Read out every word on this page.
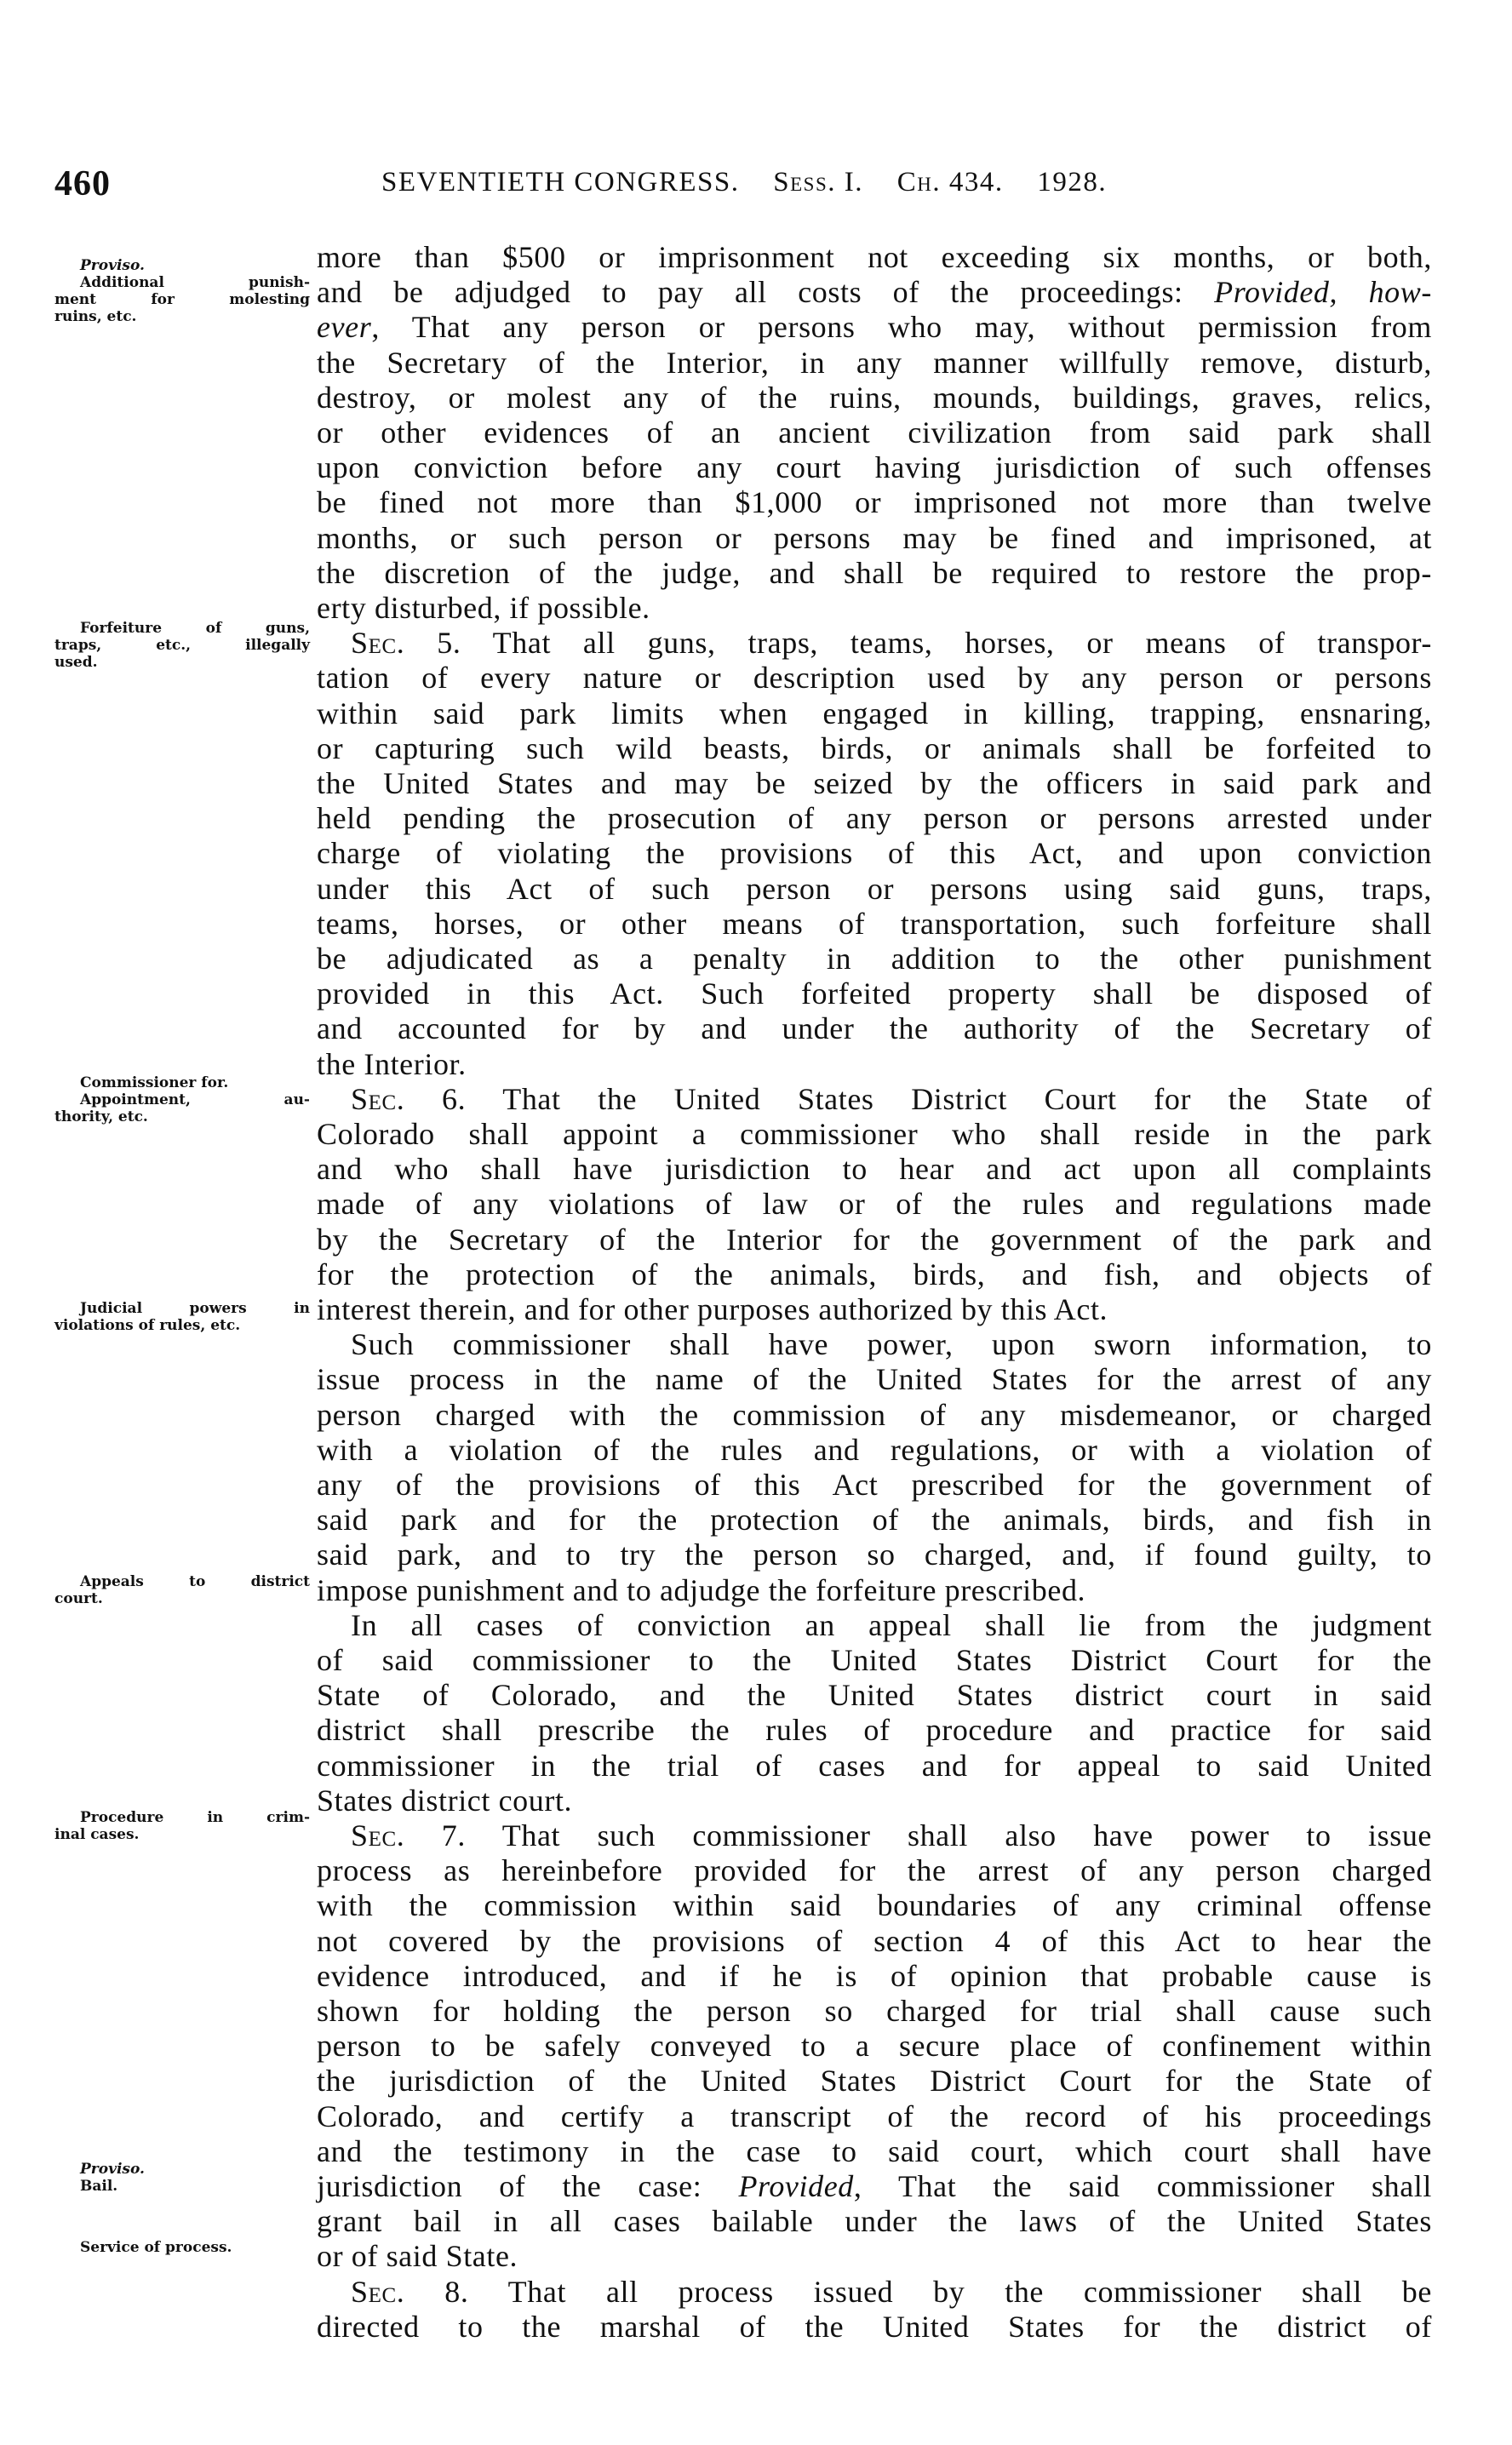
460	SEVENTIETH CONGRESS. Sess. I. Ch. 434. 1928.
Proviso.
Additional punish-
ment for molesting
ruins, etc.
Forfeiture of guns,
traps, etc., illegally
used.
Commissioner for.
Appointment, au-
thority, etc.
Judicial powers in
violations of rules, etc.
Appeals to district
court.
Procedure in crim-
inal cases.
Proviso.
Bail.
Service of process.
more than $500 or imprisonment not exceeding six months, or both,
and be adjudged to pay all costs of the proceedings: Provided, how-
ever, That any person or persons who may, without permission from
the Secretary of the Interior, in any manner willfully remove, disturb,
destroy, or molest any of the ruins, mounds, buildings, graves, relics,
or other evidences of an ancient civilization from said park shall
upon conviction before any court having jurisdiction of such offenses
be fined not more than $1,000 or imprisoned not more than twelve
months, or such person or persons may be fined and imprisoned, at
the discretion of the judge, and shall be required to restore the prop-
erty disturbed, if possible.
Sec. 5. That all guns, traps, teams, horses, or means of transpor-
tation of every nature or description used by any person or persons
within said park limits when engaged in killing, trapping, ensnaring,
or capturing such wild beasts, birds, or animals shall be forfeited to
the United States and may be seized by the officers in said park and
held pending the prosecution of any person or persons arrested under
charge of violating the provisions of this Act, and upon conviction
under this Act of such person or persons using said guns, traps,
teams, horses, or other means of transportation, such forfeiture shall
be adjudicated as a penalty in addition to the other punishment
provided in this Act. Such forfeited property shall be disposed of
and accounted for by and under the authority of the Secretary of
the Interior.
Sec. 6. That the United States District Court for the State of
Colorado shall appoint a commissioner who shall reside in the park
and who shall have jurisdiction to hear and act upon all complaints
made of any violations of law or of the rules and regulations made
by the Secretary of the Interior for the government of the park and
for the protection of the animals, birds, and fish, and objects of
interest therein, and for other purposes authorized by this Act.
Such commissioner shall have power, upon sworn information, to
issue process in the name of the United States for the arrest of any
person charged with the commission of any misdemeanor, or charged
with a violation of the rules and regulations, or with a violation of
any of the provisions of this Act prescribed for the government of
said park and for the protection of the animals, birds, and fish in
said park, and to try the person so charged, and, if found guilty, to
impose punishment and to adjudge the forfeiture prescribed.
In all cases of conviction an appeal shall lie from the judgment
of said commissioner to the United States District Court for the
State of Colorado, and the United States district court in said
district shall prescribe the rules of procedure and practice for said
commissioner in the trial of cases and for appeal to said United
States district court.
Sec. 7. That such commissioner shall also have power to issue
process as hereinbefore provided for the arrest of any person charged
with the commission within said boundaries of any criminal offense
not covered by the provisions of section 4 of this Act to hear the
evidence introduced, and if he is of opinion that probable cause is
shown for holding the person so charged for trial shall cause such
person to be safely conveyed to a secure place of confinement within
the jurisdiction of the United States District Court for the State of
Colorado, and certify a transcript of the record of his proceedings
and the testimony in the case to said court, which court shall have
jurisdiction of the case: Provided, That the said commissioner shall
grant bail in all cases bailable under the laws of the United States
or of said State.
Sec. 8. That all process issued by the commissioner shall be
directed to the marshal of the United States for the district of
